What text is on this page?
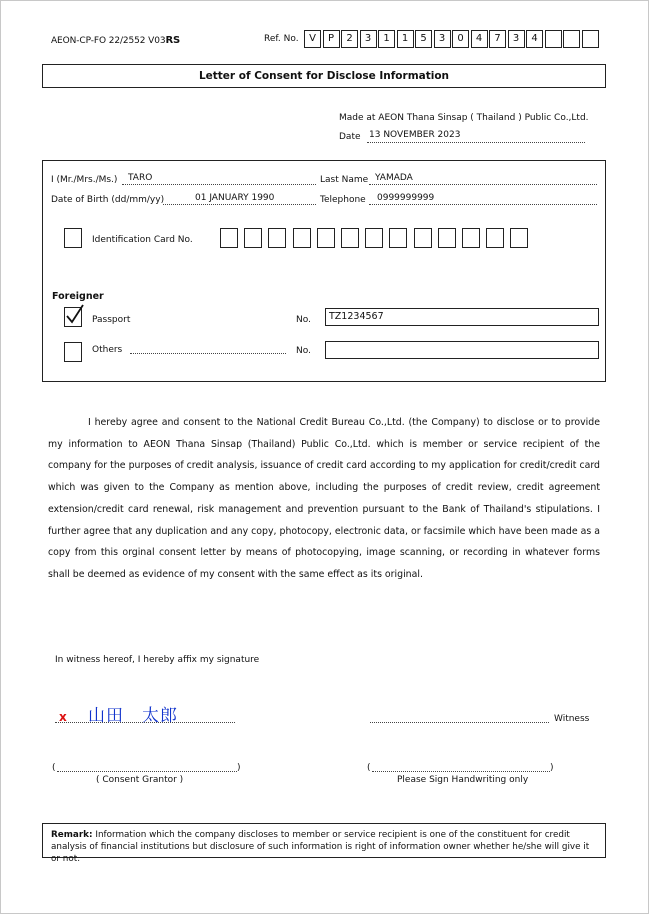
AEON-CP-FO 22/2552 V03RS	Ref. No.	V	P	2	3	1	1	5	3	0	4	7	3	4
Letter of Consent for Disclose Information
Made at AEON Thana Sinsap ( Thailand ) Public Co.,Ltd.
Date 13 NOVEMBER 2023
I (Mr./Mrs./Ms.) TARO	Last Name YAMADA
Date of Birth (dd/mm/yy)	01 JANUARY 1990	Telephone 0999999999
Identification Card No.
Foreigner
Passport	No.	TZ1234567
Others	No.
I hereby agree and consent to the National Credit Bureau Co.,Ltd. (the Company) to disclose or to provide my information to AEON Thana Sinsap (Thailand) Public Co.,Ltd. which is member or service recipient of the company for the purposes of credit analysis, issuance of credit card according to my application for credit/credit card which was given to the Company as mention above, including the purposes of credit review, credit agreement extension/credit card renewal, risk management and prevention pursuant to the Bank of Thailand's stipulations. I further agree that any duplication and any copy, photocopy, electronic data, or facsimile which have been made as a copy from this orginal consent letter by means of photocopying, image scanning, or recording in whatever forms shall be deemed as evidence of my consent with the same effect as its original.
In witness hereof, I hereby affix my signature
x 山田　太郎	Witness
(	)
( Consent Grantor )
(	)
Please Sign Handwriting only
Remark: Information which the company discloses to member or service recipient is one of the constituent for credit analysis of financial institutions but disclosure of such information is right of information owner whether he/she will give it or not.
